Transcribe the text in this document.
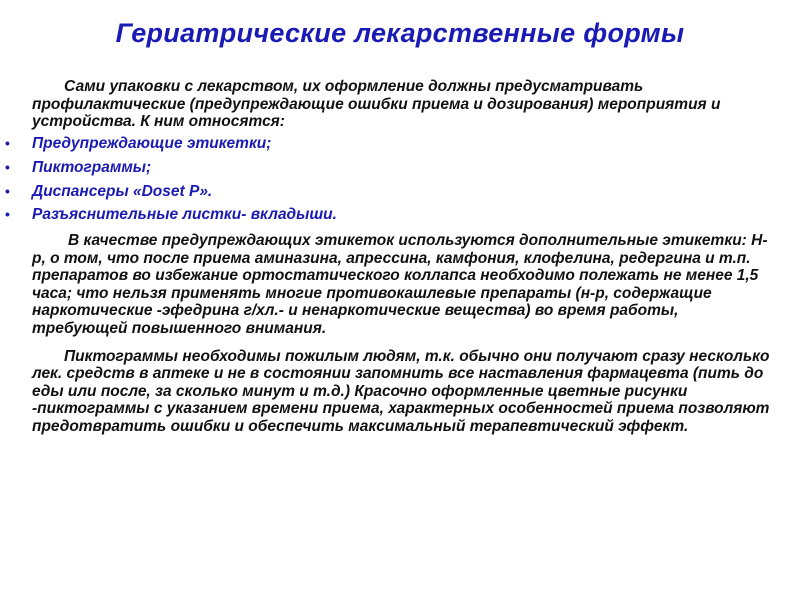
Гериатрические лекарственные формы

Сами упаковки с лекарством, их оформление должны предусматривать профилактические (предупреждающие ошибки приема и дозирования) мероприятия и устройства. К ним относятся:

• Предупреждающие этикетки;
• Пиктограммы;
• Диспансеры «Doset P».
• Разъяснительные листки- вкладыши.

В качестве предупреждающих этикеток используются дополнительные этикетки: Н-р, о том, что после приема аминазина, апрессина, камфония, клофелина, редергина и т.п. препаратов во избежание ортостатического коллапса необходимо полежать не менее 1,5 часа; что нельзя применять многие противокашлевые препараты (н-р, содержащие наркотические -эфедрина г/хл.- и ненаркотические вещества) во время работы, требующей повышенного внимания.

Пиктограммы необходимы пожилым людям, т.к. обычно они получают сразу несколько лек. средств в аптеке и не в состоянии запомнить все наставления фармацевта (пить до еды или после, за сколько минут и т.д.) Красочно оформленные цветные рисунки -пиктограммы с указанием времени приема, характерных особенностей приема позволяют предотвратить ошибки и обеспечить максимальный терапевтический эффект.
